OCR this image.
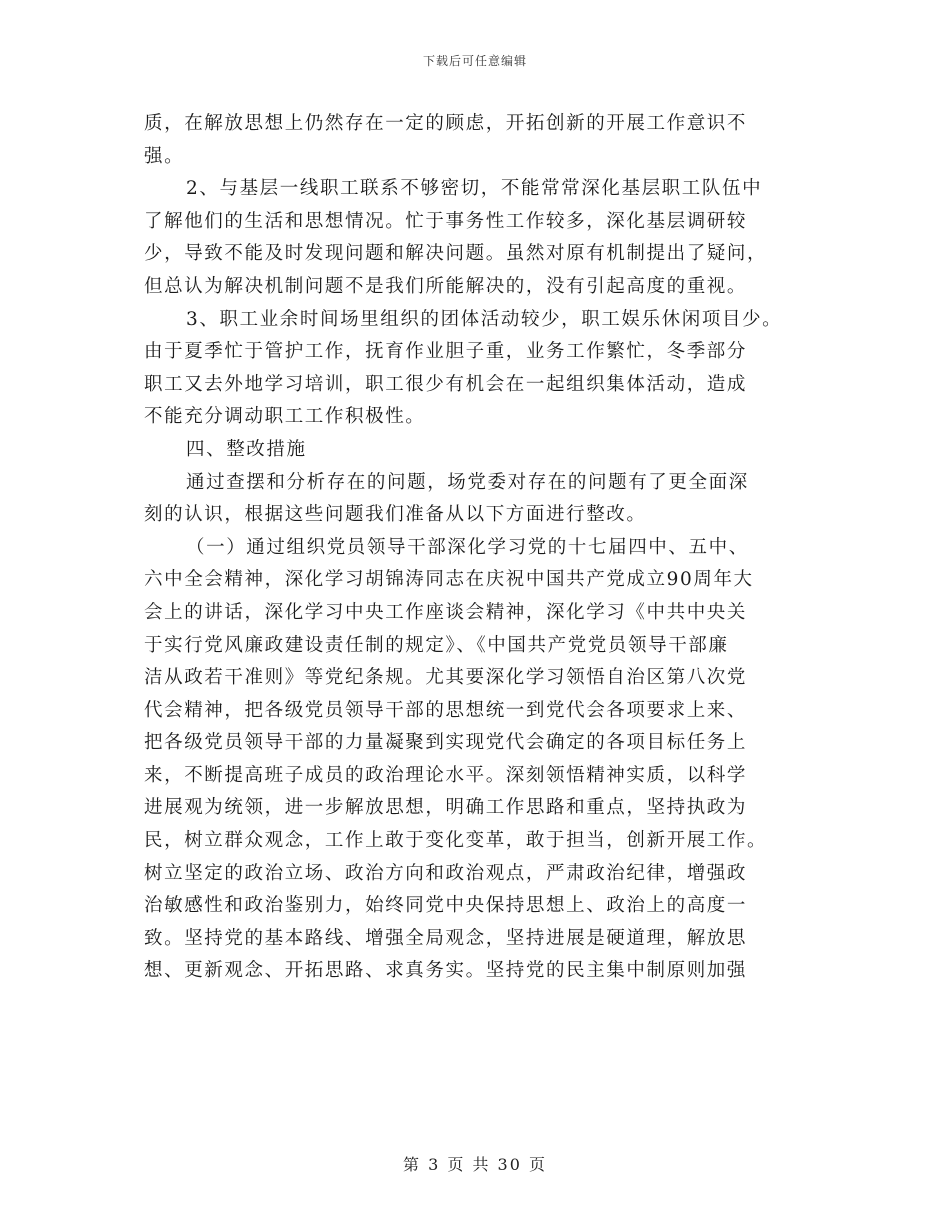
下载后可任意编辑
质，在解放思想上仍然存在一定的顾虑，开拓创新的开展工作意识不
强。
2、与基层一线职工联系不够密切，不能常常深化基层职工队伍中
了解他们的生活和思想情况。忙于事务性工作较多，深化基层调研较
少，导致不能及时发现问题和解决问题。虽然对原有机制提出了疑问，
但总认为解决机制问题不是我们所能解决的，没有引起高度的重视。
3、职工业余时间场里组织的团体活动较少，职工娱乐休闲项目少。
由于夏季忙于管护工作，抚育作业胆子重，业务工作繁忙，冬季部分
职工又去外地学习培训，职工很少有机会在一起组织集体活动，造成
不能充分调动职工工作积极性。
四、整改措施
通过查摆和分析存在的问题，场党委对存在的问题有了更全面深
刻的认识，根据这些问题我们准备从以下方面进行整改。
（一）通过组织党员领导干部深化学习党的十七届四中、五中、
六中全会精神，深化学习胡锦涛同志在庆祝中国共产党成立90周年大
会上的讲话，深化学习中央工作座谈会精神，深化学习《中共中央关
于实行党风廉政建设责任制的规定》、《中国共产党党员领导干部廉
洁从政若干准则》等党纪条规。尤其要深化学习领悟自治区第八次党
代会精神，把各级党员领导干部的思想统一到党代会各项要求上来、
把各级党员领导干部的力量凝聚到实现党代会确定的各项目标任务上
来，不断提高班子成员的政治理论水平。深刻领悟精神实质，以科学
进展观为统领，进一步解放思想，明确工作思路和重点，坚持执政为
民，树立群众观念，工作上敢于变化变革，敢于担当，创新开展工作。
树立坚定的政治立场、政治方向和政治观点，严肃政治纪律，增强政
治敏感性和政治鉴别力，始终同党中央保持思想上、政治上的高度一
致。坚持党的基本路线、增强全局观念，坚持进展是硬道理，解放思
想、更新观念、开拓思路、求真务实。坚持党的民主集中制原则加强
第 3 页 共 30 页
